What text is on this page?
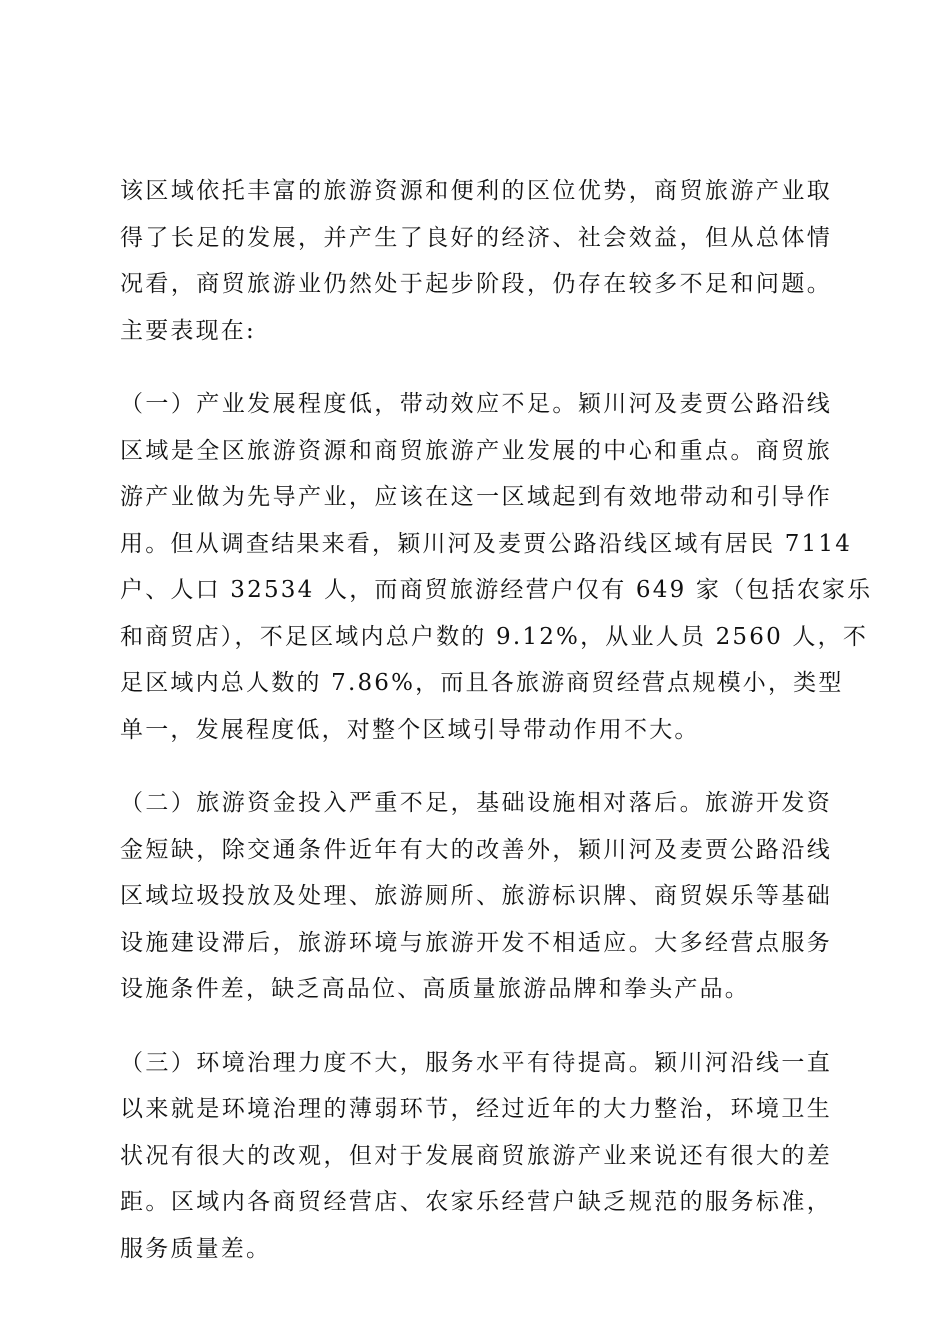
该区域依托丰富的旅游资源和便利的区位优势，商贸旅游产业取
得了长足的发展，并产生了良好的经济、社会效益，但从总体情
况看，商贸旅游业仍然处于起步阶段，仍存在较多不足和问题。
主要表现在:
（一）产业发展程度低，带动效应不足。颖川河及麦贾公路沿线
区域是全区旅游资源和商贸旅游产业发展的中心和重点。商贸旅
游产业做为先导产业，应该在这一区域起到有效地带动和引导作
用。但从调查结果来看，颖川河及麦贾公路沿线区域有居民 7114
户、人口 32534 人，而商贸旅游经营户仅有 649 家（包括农家乐
和商贸店），不足区域内总户数的 9.12%，从业人员 2560 人，不
足区域内总人数的 7.86%，而且各旅游商贸经营点规模小，类型
单一，发展程度低，对整个区域引导带动作用不大。
（二）旅游资金投入严重不足，基础设施相对落后。旅游开发资
金短缺，除交通条件近年有大的改善外，颖川河及麦贾公路沿线
区域垃圾投放及处理、旅游厕所、旅游标识牌、商贸娱乐等基础
设施建设滞后，旅游环境与旅游开发不相适应。大多经营点服务
设施条件差，缺乏高品位、高质量旅游品牌和拳头产品。
（三）环境治理力度不大，服务水平有待提高。颖川河沿线一直
以来就是环境治理的薄弱环节，经过近年的大力整治，环境卫生
状况有很大的改观，但对于发展商贸旅游产业来说还有很大的差
距。区域内各商贸经营店、农家乐经营户缺乏规范的服务标准，
服务质量差。
